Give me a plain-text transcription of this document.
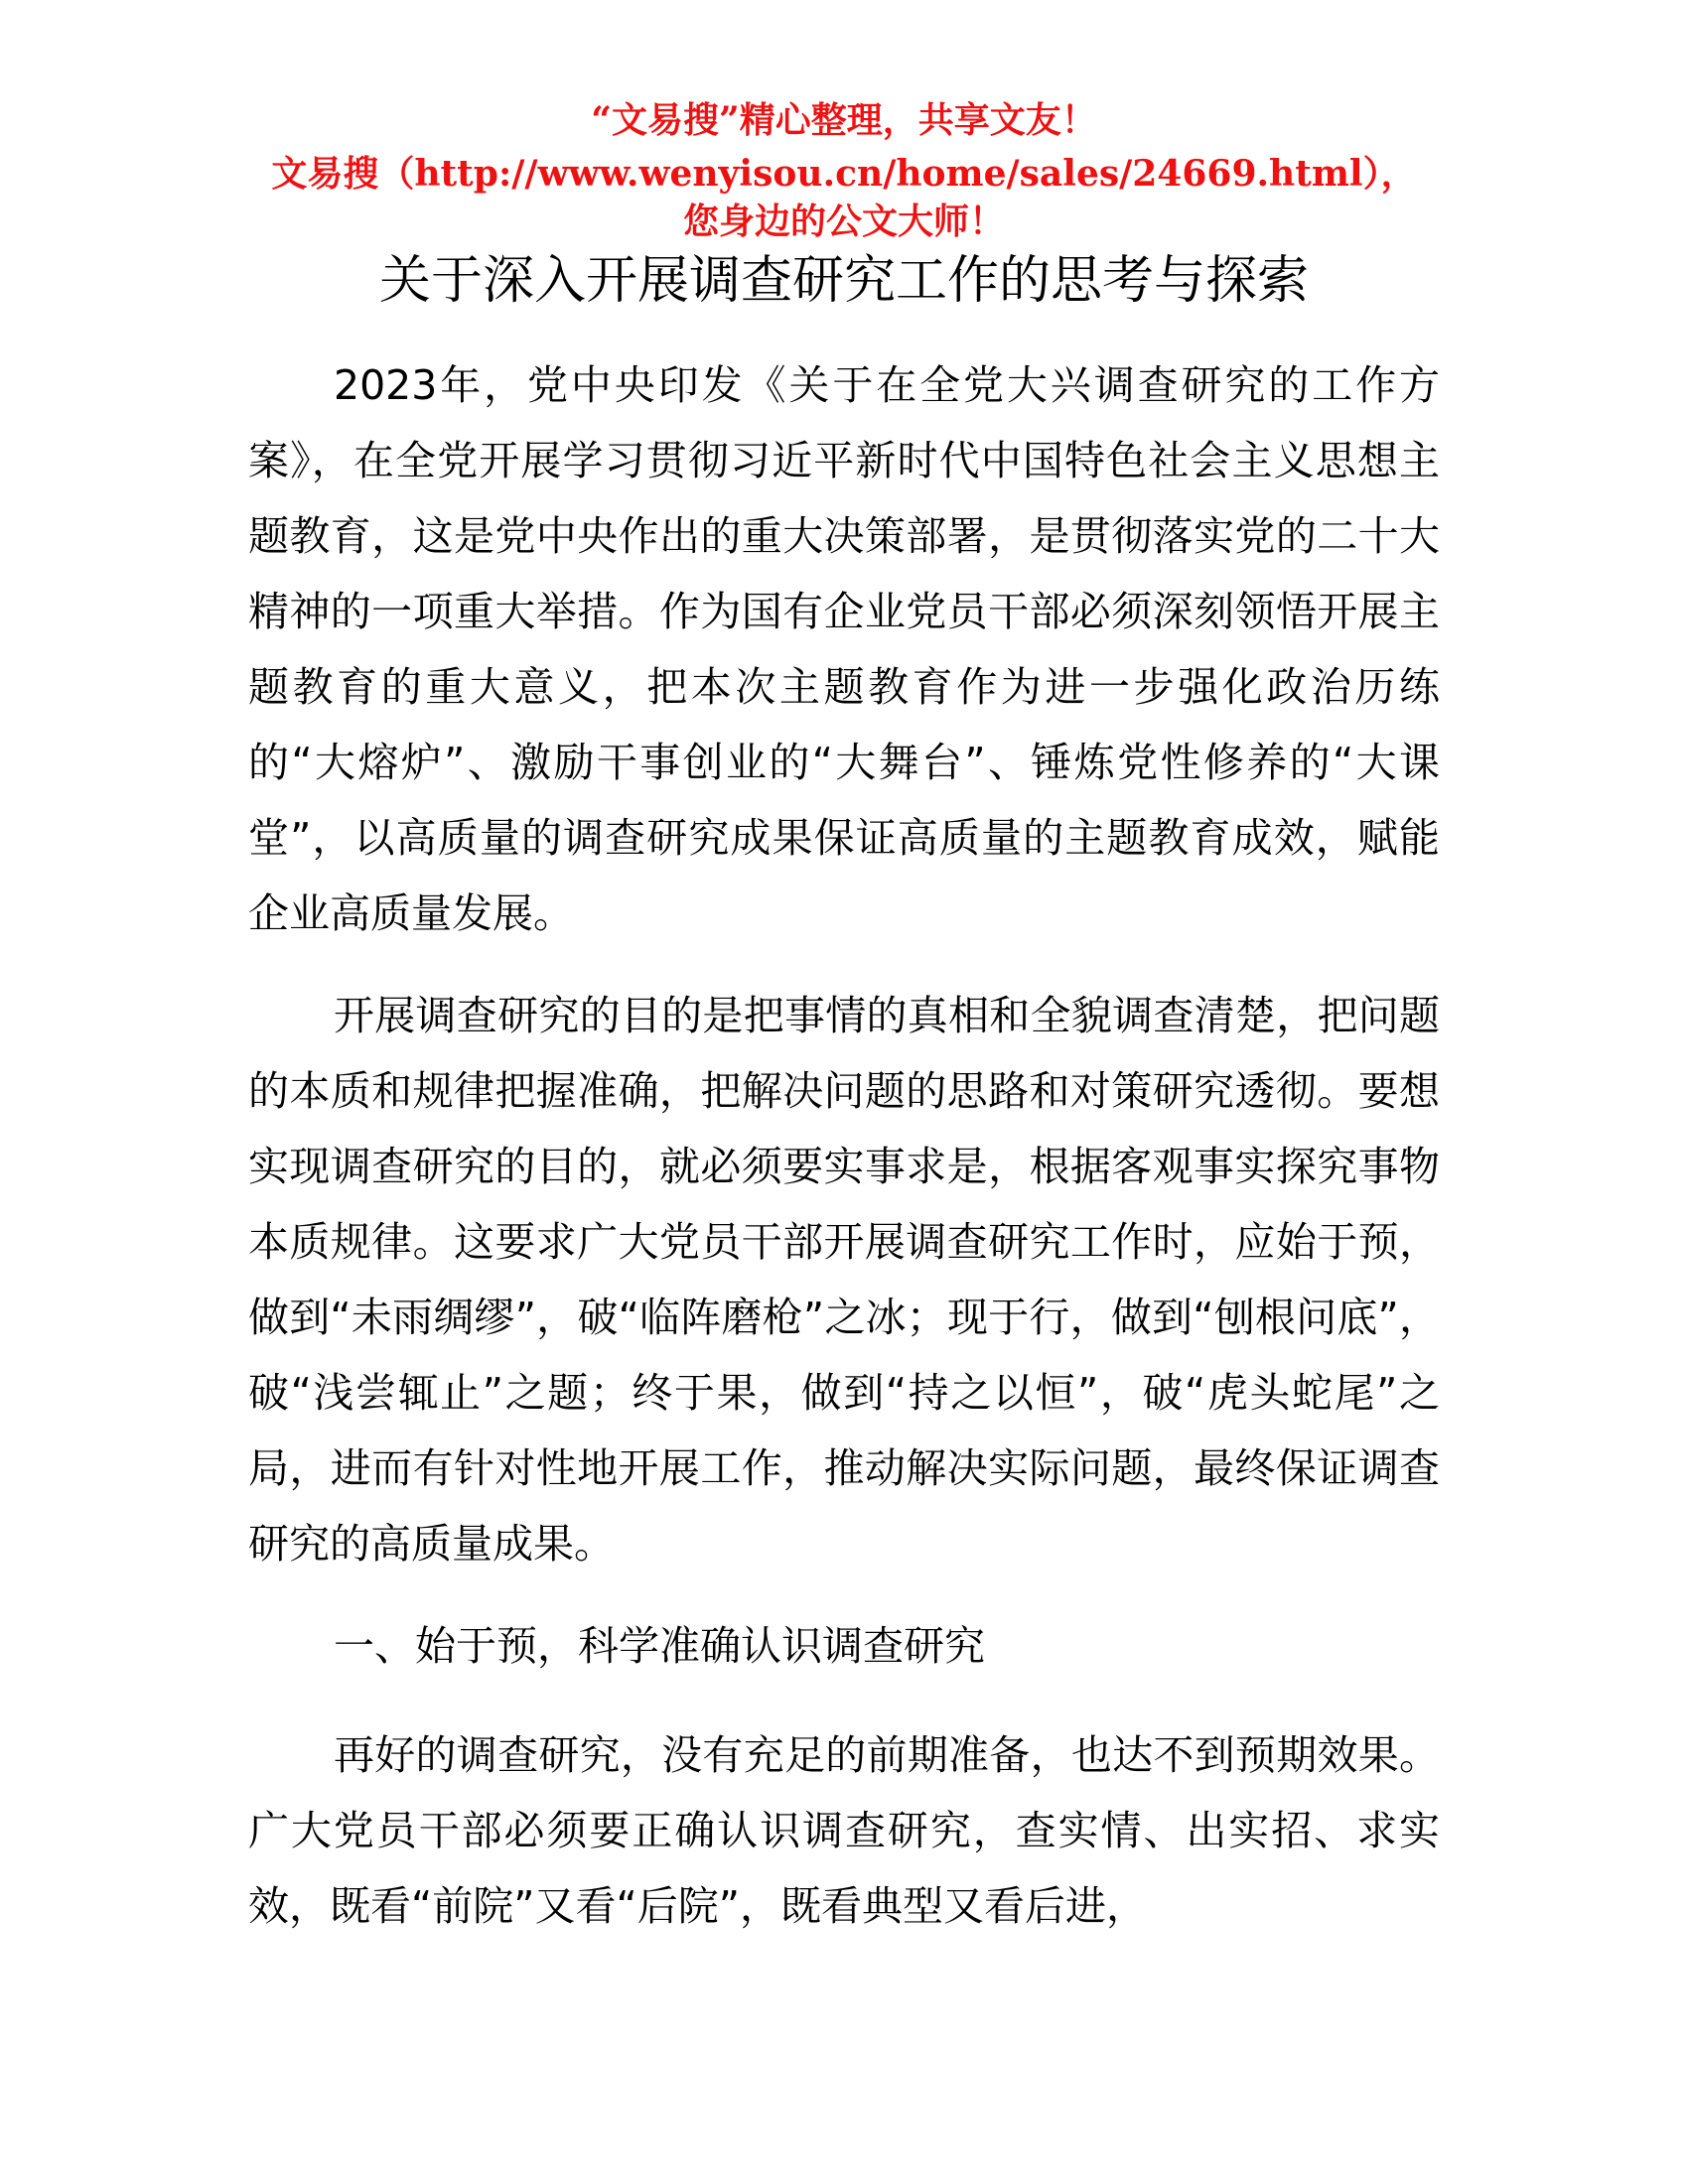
“文易搜”精心整理，共享文友！
文易搜（http://www.wenyisou.cn/home/sales/24669.html），
您身边的公文大师！
关于深入开展调查研究工作的思考与探索

2023年，党中央印发《关于在全党大兴调查研究的工作方案》，在全党开展学习贯彻习近平新时代中国特色社会主义思想主题教育，这是党中央作出的重大决策部署，是贯彻落实党的二十大精神的一项重大举措。作为国有企业党员干部必须深刻领悟开展主题教育的重大意义，把本次主题教育作为进一步强化政治历练的“大熔炉”、激励干事创业的“大舞台”、锤炼党性修养的“大课堂”，以高质量的调查研究成果保证高质量的主题教育成效，赋能企业高质量发展。

开展调查研究的目的是把事情的真相和全貌调查清楚，把问题的本质和规律把握准确，把解决问题的思路和对策研究透彻。要想实现调查研究的目的，就必须要实事求是，根据客观事实探究事物本质规律。这要求广大党员干部开展调查研究工作时，应始于预，做到“未雨绸缪”，破“临阵磨枪”之冰；现于行，做到“刨根问底”，破“浅尝辄止”之题；终于果，做到“持之以恒”，破“虎头蛇尾”之局，进而有针对性地开展工作，推动解决实际问题，最终保证调查研究的高质量成果。

一、始于预，科学准确认识调查研究

再好的调查研究，没有充足的前期准备，也达不到预期效果。广大党员干部必须要正确认识调查研究，查实情、出实招、求实效，既看“前院”又看“后院”，既看典型又看后进，
